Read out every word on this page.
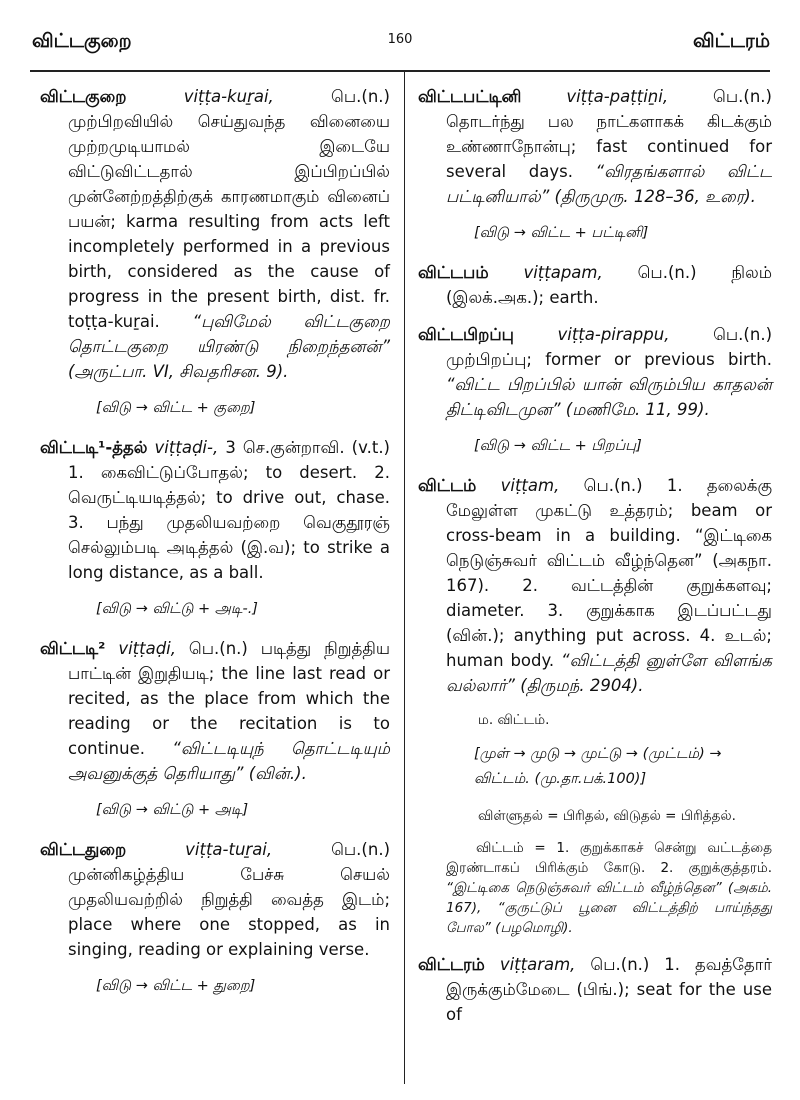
விட்டகுறை	160	விட்டரம்
விட்டகுறை	viṭṭa-kuṟai,	பெ.(n.) முற்பிறவியில் செய்துவந்த வினையை முற்றமுடியாமல் இடையே விட்டுவிட்டதால் இப்பிறப்பில் முன்னேற்றத்திற்குக் காரணமாகும் வினைப் பயன்; karma resulting from acts left incompletely performed in a previous birth, considered as the cause of progress in the present birth, dist. fr. toṭṭa-kuṟai. “புவிமேல் விட்டகுறை தொட்டகுறை யிரண்டு நிறைந்தனன்” (அருட்பா. VI, சிவதரிசன. 9).
[விடு → விட்ட + குறை]
விட்டடி¹-த்தல் viṭṭaḍi-, 3 செ.குன்றாவி. (v.t.) 1. கைவிட்டுப்போதல்; to desert. 2. வெருட்டியடித்தல்; to drive out, chase. 3. பந்து முதலியவற்றை வெகுதூரஞ் செல்லும்படி அடித்தல் (இ.வ); to strike a long distance, as a ball.
[விடு → விட்டு + அடி-.]
விட்டடி² viṭṭaḍi, பெ.(n.) படித்து நிறுத்திய பாட்டின் இறுதியடி; the line last read or recited, as the place from which the reading or the recitation is to continue. “விட்டடியுந் தொட்டடியும் அவனுக்குத் தெரியாது” (வின்.).
[விடு → விட்டு + அடி]
விட்டதுறை	viṭṭa-tuṟai,	பெ.(n.) முன்னிகழ்த்திய பேச்சு செயல் முதலியவற்றில் நிறுத்தி வைத்த இடம்; place where one stopped, as in singing, reading or explaining verse.
[விடு → விட்ட + துறை]
விட்டபட்டினி	viṭṭa-paṭṭiṉi,	பெ.(n.) தொடர்ந்து பல நாட்களாகக் கிடக்கும் உண்ணாநோன்பு; fast continued for several days. “விரதங்களால் விட்ட பட்டினியால்” (திருமுரு. 128–36, உரை).
[விடு → விட்ட + பட்டினி]
விட்டபம் viṭṭapam, பெ.(n.) நிலம் (இலக்.அக.); earth.
விட்டபிறப்பு	viṭṭa-pirappu,	பெ.(n.) முற்பிறப்பு; former or previous birth. “விட்ட பிறப்பில் யான் விரும்பிய காதலன் திட்டிவிடமுன” (மணிமே. 11, 99).
[விடு → விட்ட + பிறப்பு]
விட்டம் viṭṭam, பெ.(n.) 1. தலைக்கு மேலுள்ள முகட்டு உத்தரம்; beam or cross-beam in a building. “இட்டிகை நெடுஞ்சுவர் விட்டம் வீழ்ந்தென” (அகநா. 167). 2. வட்டத்தின் குறுக்களவு; diameter. 3. குறுக்காக இடப்பட்டது (வின்.); anything put across. 4. உடல்; human body. “விட்டத்தி னுள்ளே விளங்க வல்லார்” (திருமந். 2904).
ம. விட்டம்.
[முள் → முடு → முட்டு → (முட்டம்) → விட்டம். (மு.தா.பக்.100)]
விள்ளுதல் = பிரிதல், விடுதல் = பிரித்தல்.
விட்டம் = 1. குறுக்காகச் சென்று வட்டத்தை இரண்டாகப் பிரிக்கும் கோடு. 2. குறுக்குத்தரம். “இட்டிகை நெடுஞ்சுவர் விட்டம் வீழ்ந்தென” (அகம். 167), “குருட்டுப் பூனை விட்டத்திற் பாய்ந்தது போல” (பழமொழி).
விட்டரம் viṭṭaram, பெ.(n.) 1. தவத்தோர் இருக்கும்மேடை (பிங்.); seat for the use of
